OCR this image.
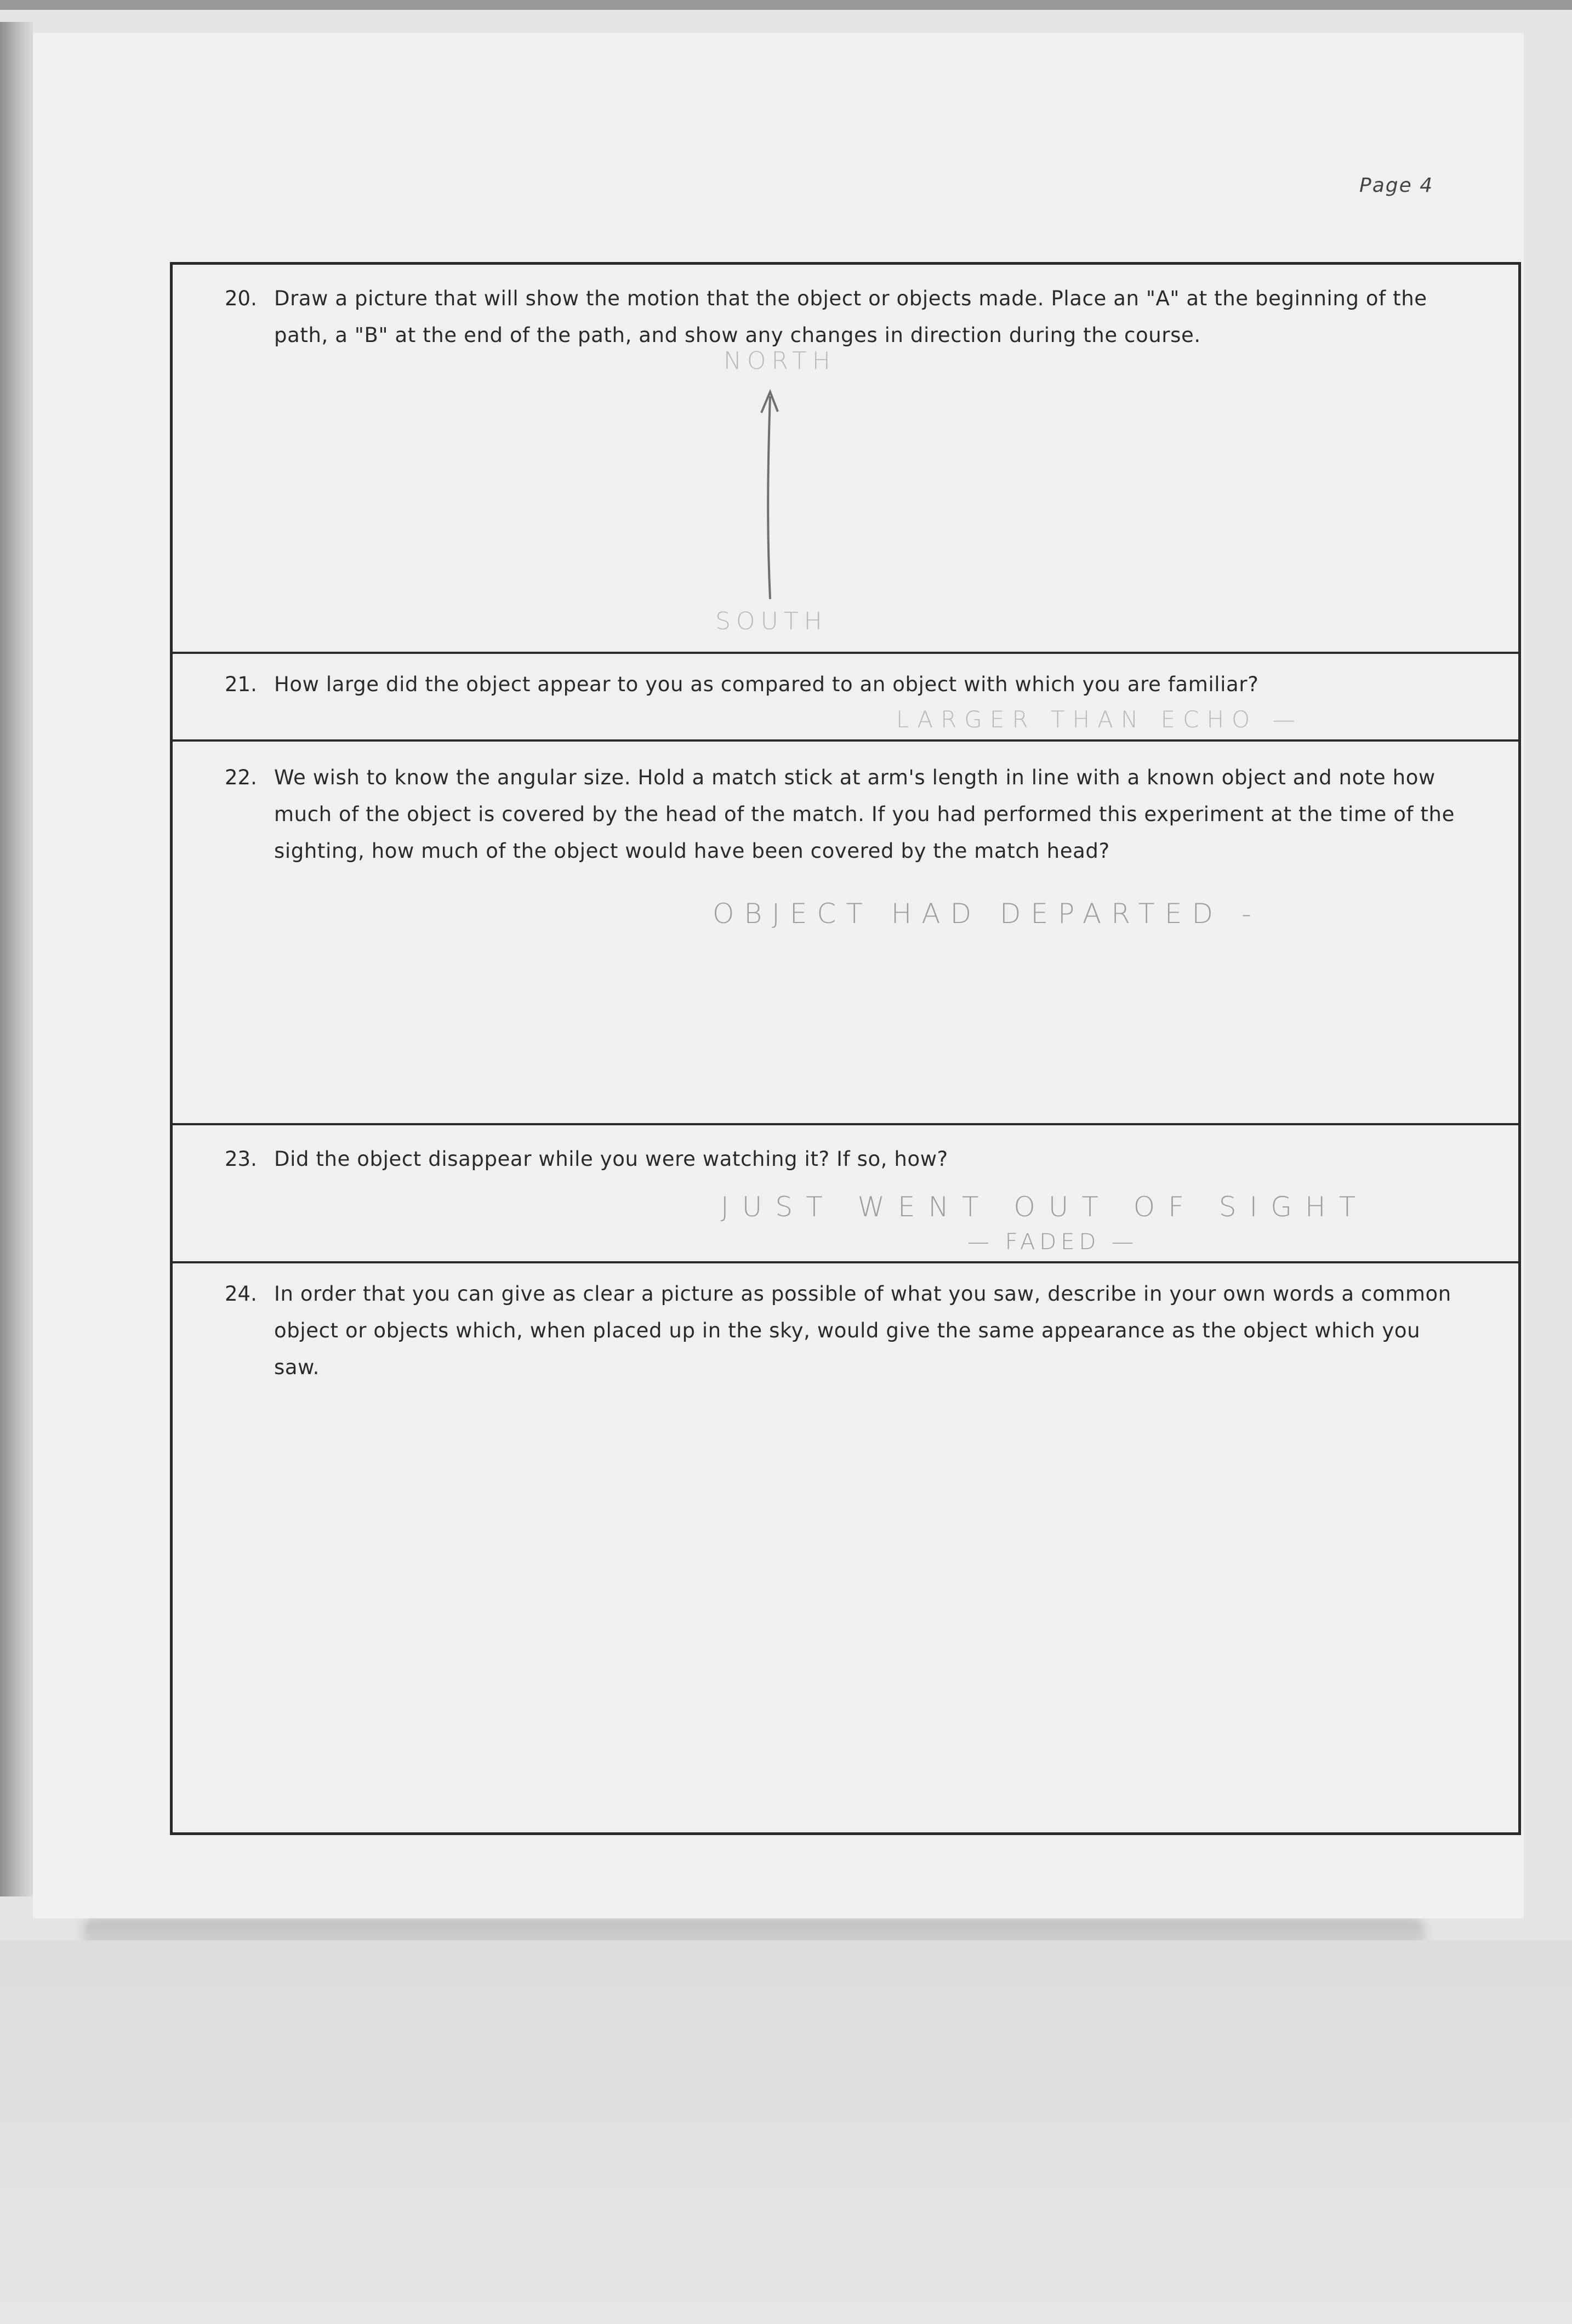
Page 4
20. Draw a picture that will show the motion that the object or objects made. Place an "A" at the beginning of the path, a "B" at the end of the path, and show any changes in direction during the course.
NORTH
SOUTH
21. How large did the object appear to you as compared to an object with which you are familiar?
LARGER THAN ECHO —
22. We wish to know the angular size. Hold a match stick at arm's length in line with a known object and note how much of the object is covered by the head of the match. If you had performed this experiment at the time of the sighting, how much of the object would have been covered by the match head?
OBJECT HAD DEPARTED -
23. Did the object disappear while you were watching it? If so, how?
JUST WENT OUT OF SIGHT
— FADED —
24. In order that you can give as clear a picture as possible of what you saw, describe in your own words a common object or objects which, when placed up in the sky, would give the same appearance as the object which you saw.
